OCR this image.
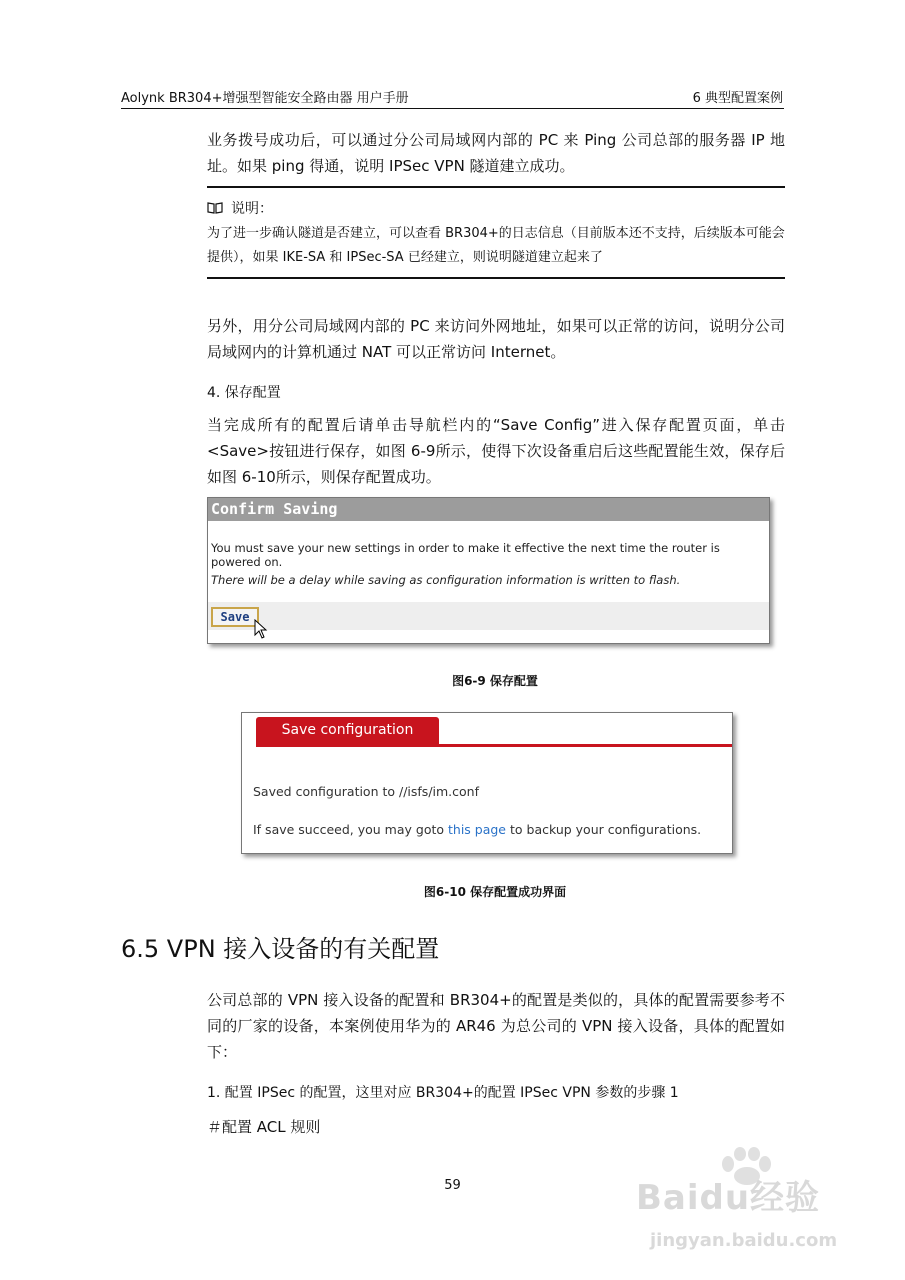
Aolynk BR304+增强型智能安全路由器 用户手册	6 典型配置案例

业务拨号成功后，可以通过分公司局域网内部的 PC 来 Ping 公司总部的服务器 IP 地址。如果 ping 得通，说明 IPSec VPN 隧道建立成功。

说明：

为了进一步确认隧道是否建立，可以查看 BR304+的日志信息（目前版本还不支持，后续版本可能会提供），如果 IKE-SA 和 IPSec-SA 已经建立，则说明隧道建立起来了

另外，用分公司局域网内部的 PC 来访问外网地址，如果可以正常的访问，说明分公司局域网内的计算机通过 NAT 可以正常访问 Internet。

4. 保存配置

当完成所有的配置后请单击导航栏内的“Save Config”进入保存配置页面，单击<Save>按钮进行保存，如图 6-9所示，使得下次设备重启后这些配置能生效，保存后如图 6-10所示，则保存配置成功。

Confirm Saving
You must save your new settings in order to make it effective the next time the router is powered on.
There will be a delay while saving as configuration information is written to flash.
Save
图6-9 保存配置
Save configuration
Saved configuration to //isfs/im.conf
If save succeed, you may goto this page to backup your configurations.
图6-10 保存配置成功界面
6.5 VPN 接入设备的有关配置

公司总部的 VPN 接入设备的配置和 BR304+的配置是类似的，具体的配置需要参考不同的厂家的设备，本案例使用华为的 AR46 为总公司的 VPN 接入设备，具体的配置如下：

1. 配置 IPSec 的配置，这里对应 BR304+的配置 IPSec VPN 参数的步骤 1
＃配置 ACL 规则
59	Baidu经验
jingyan.baidu.com
